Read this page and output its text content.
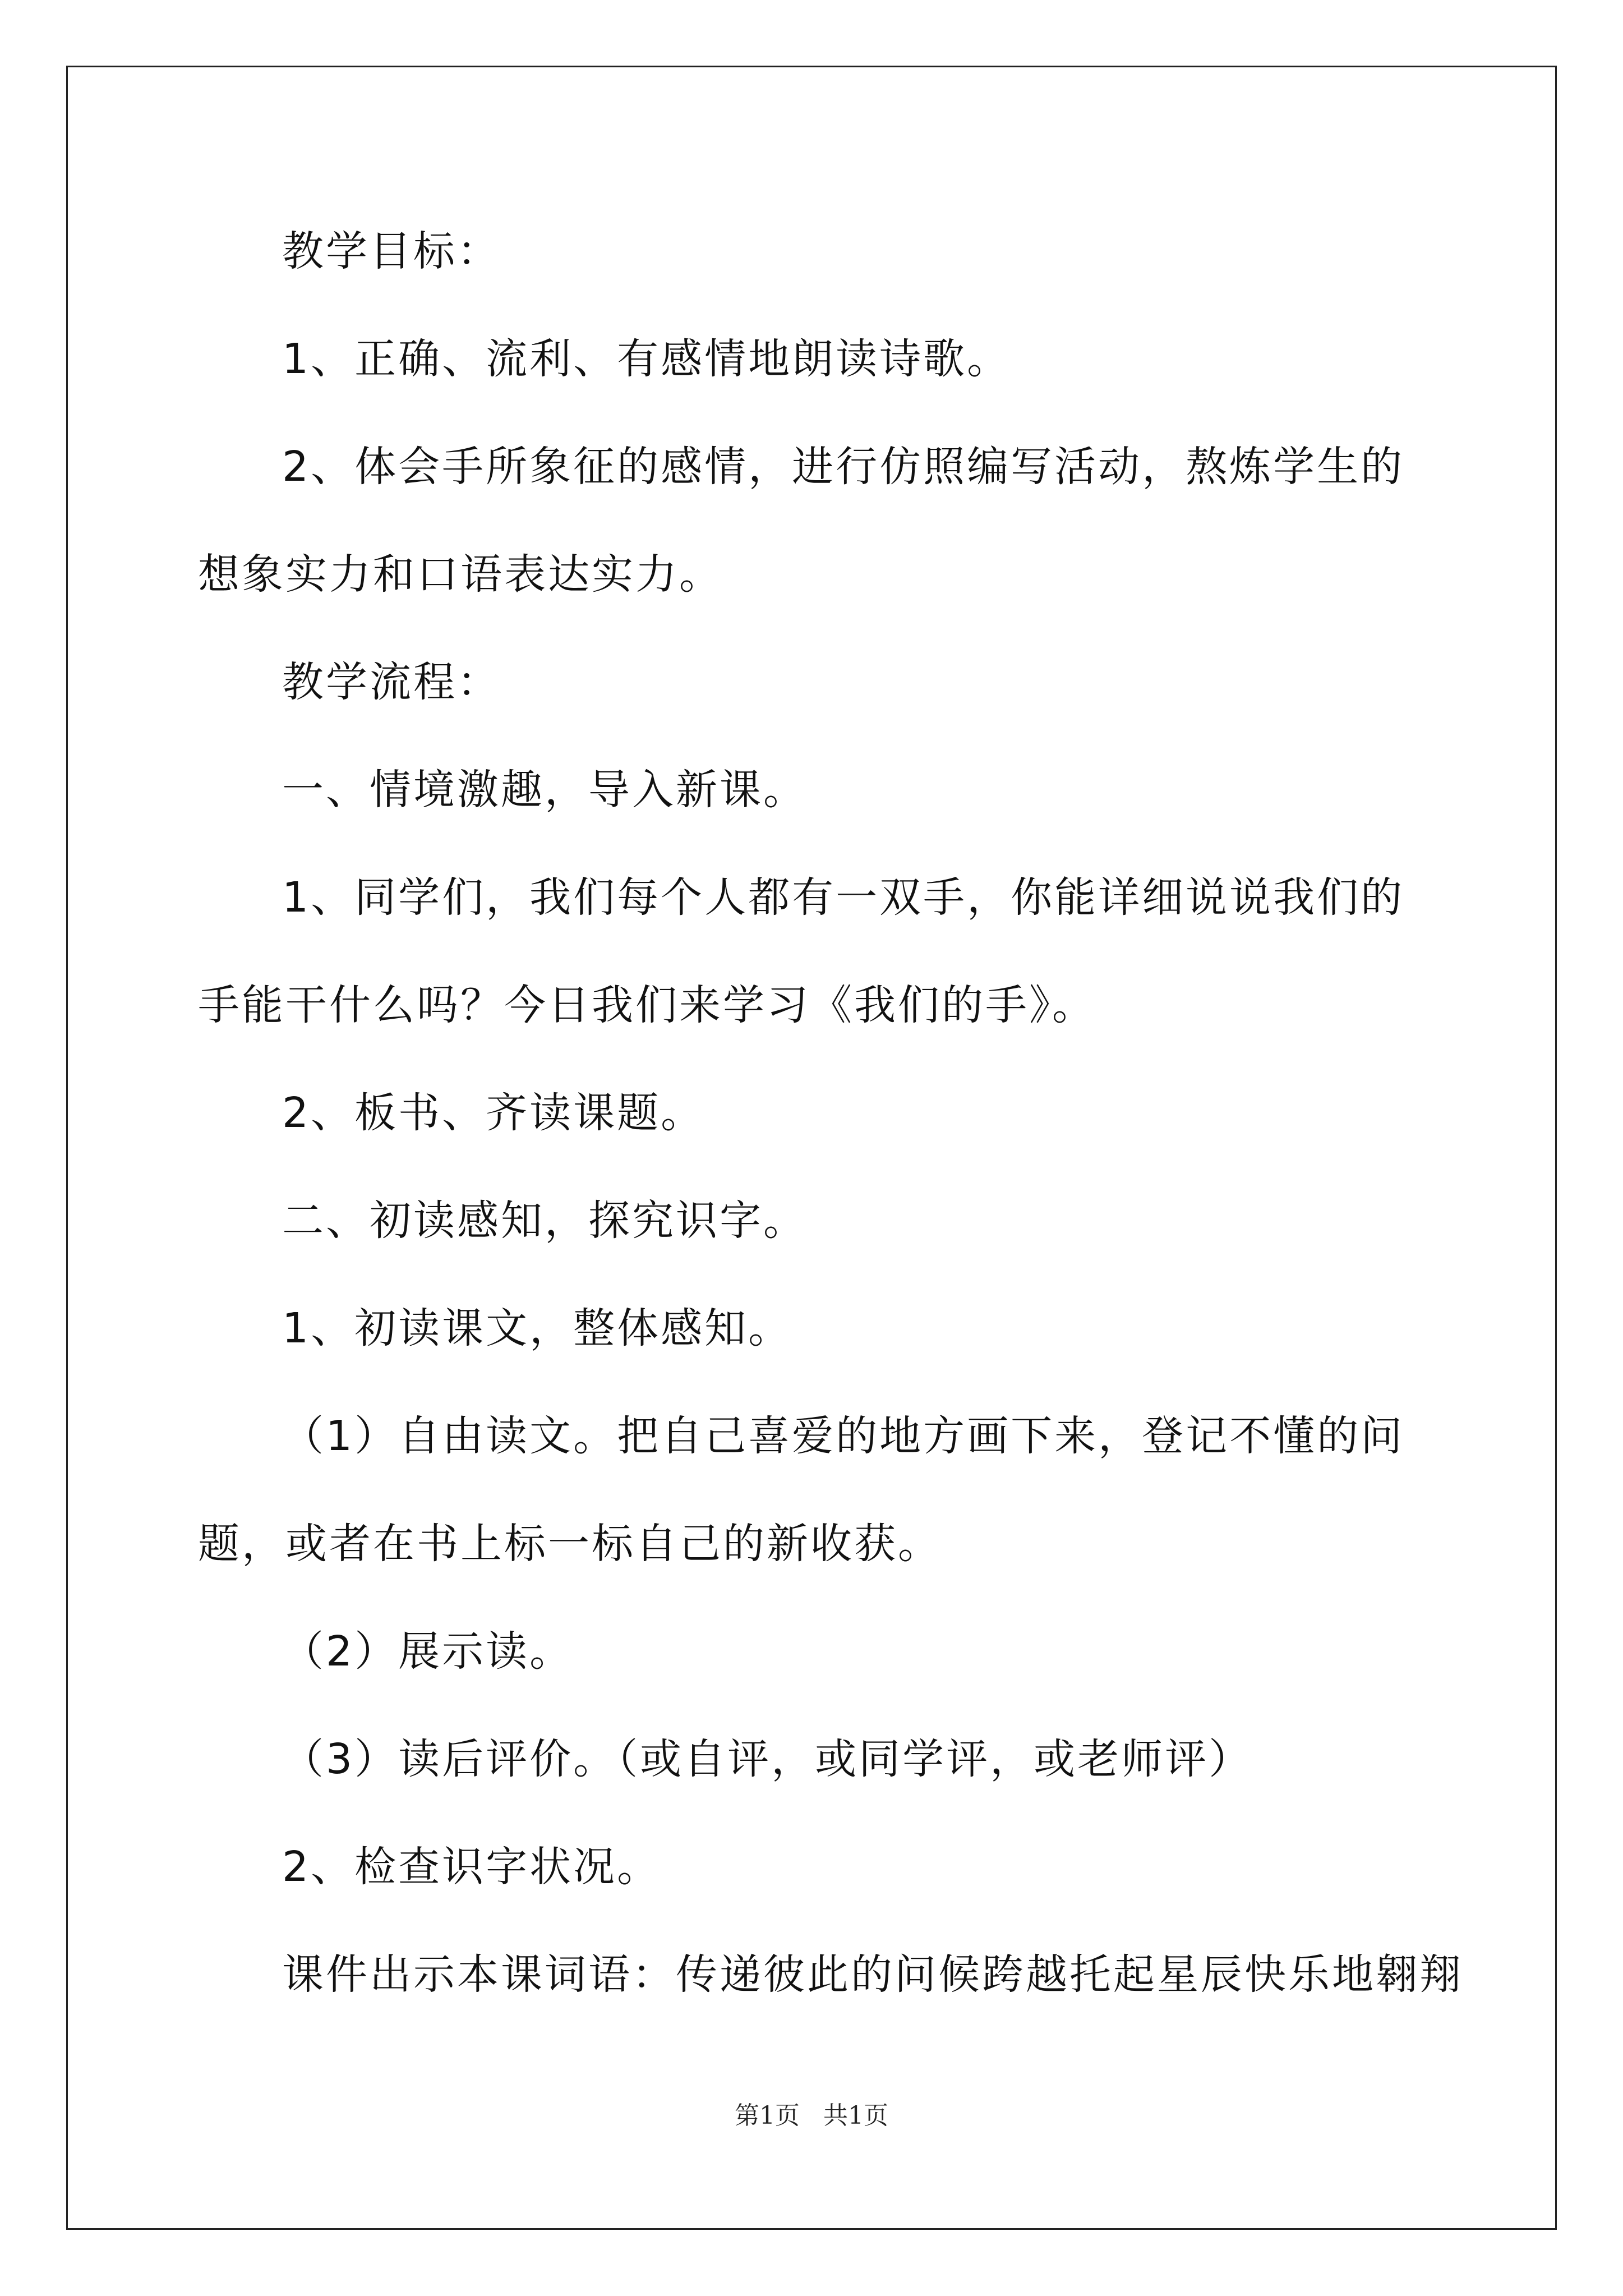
教学目标：

1、正确、流利、有感情地朗读诗歌。

2、体会手所象征的感情，进行仿照编写活动，熬炼学生的想象实力和口语表达实力。

教学流程：

一、情境激趣，导入新课。

1、同学们，我们每个人都有一双手，你能详细说说我们的手能干什么吗？今日我们来学习《我们的手》。

2、板书、齐读课题。

二、初读感知，探究识字。

1、初读课文，整体感知。

（1）自由读文。把自己喜爱的地方画下来，登记不懂的问题，或者在书上标一标自己的新收获。

（2）展示读。

（3）读后评价。（或自评，或同学评，或老师评）

2、检查识字状况。

课件出示本课词语：传递彼此的问候跨越托起星辰快乐地翱翔

第1页 共1页
